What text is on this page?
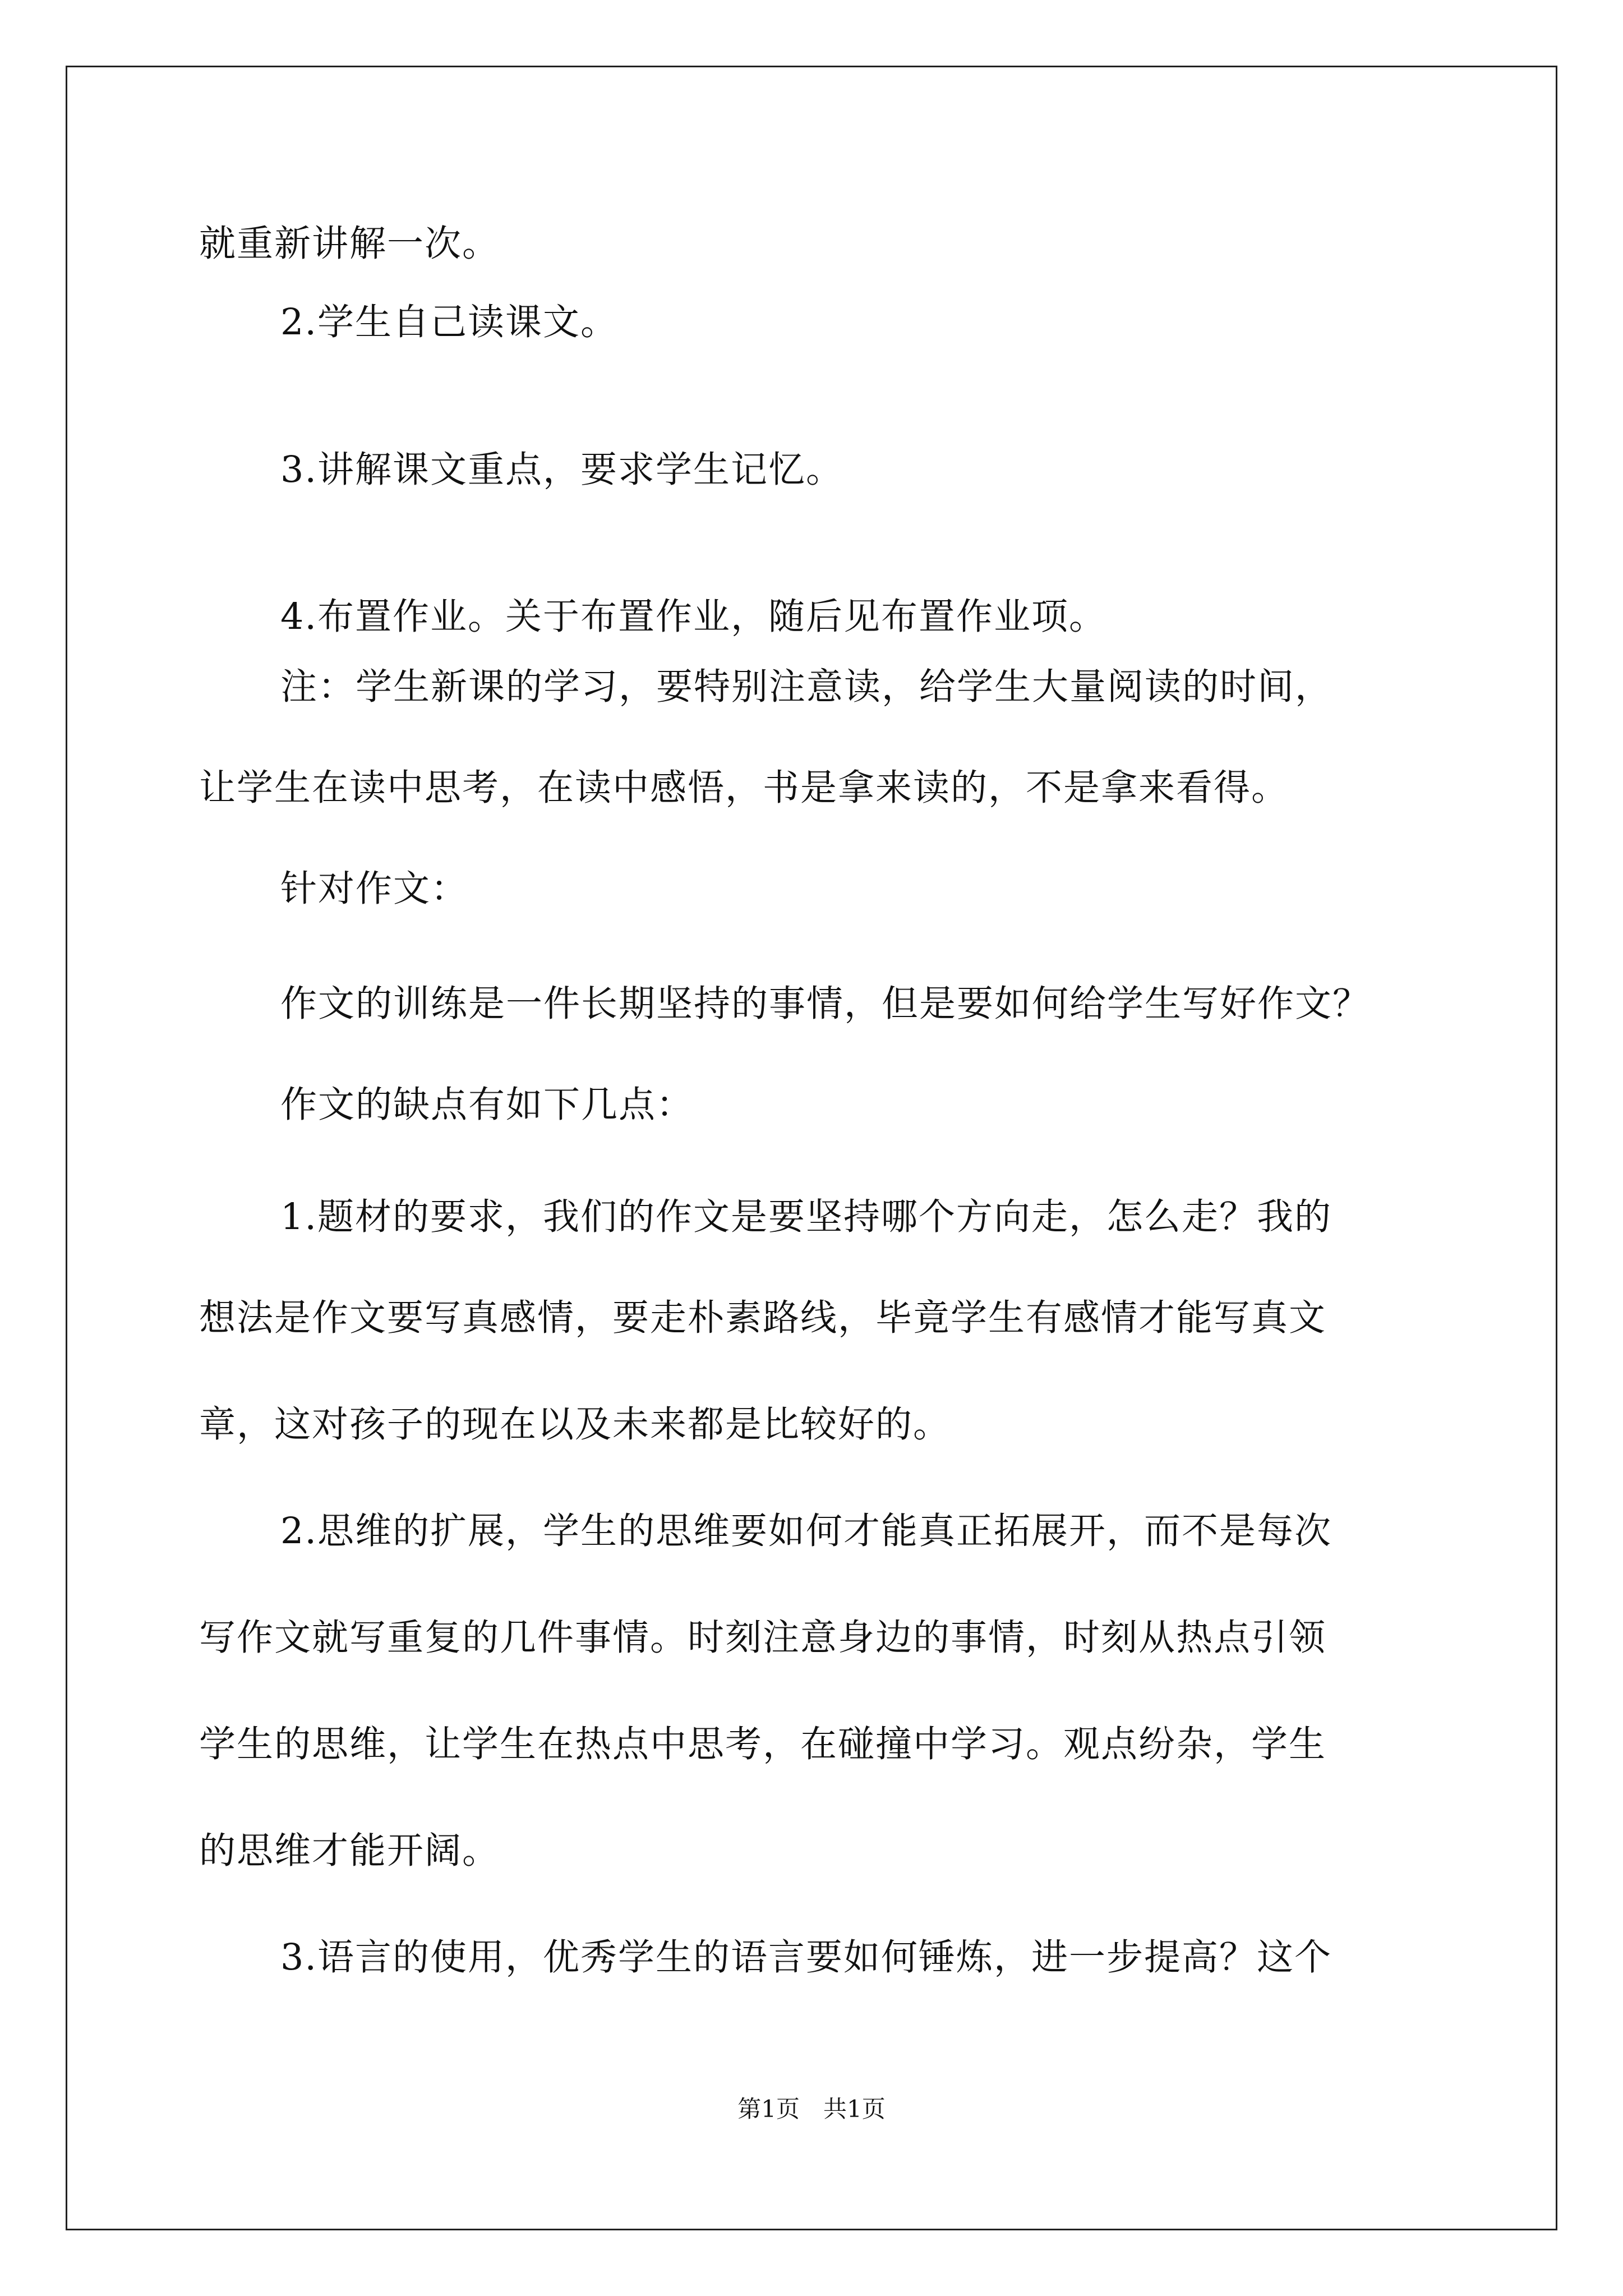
就重新讲解一次。
2.学生自己读课文。
3.讲解课文重点，要求学生记忆。
4.布置作业。关于布置作业，随后见布置作业项。
注：学生新课的学习，要特别注意读，给学生大量阅读的时间，
让学生在读中思考，在读中感悟，书是拿来读的，不是拿来看得。
针对作文：
作文的训练是一件长期坚持的事情，但是要如何给学生写好作文？
作文的缺点有如下几点：
1.题材的要求，我们的作文是要坚持哪个方向走，怎么走？我的
想法是作文要写真感情，要走朴素路线，毕竟学生有感情才能写真文
章，这对孩子的现在以及未来都是比较好的。
2.思维的扩展，学生的思维要如何才能真正拓展开，而不是每次
写作文就写重复的几件事情。时刻注意身边的事情，时刻从热点引领
学生的思维，让学生在热点中思考，在碰撞中学习。观点纷杂，学生
的思维才能开阔。
3.语言的使用，优秀学生的语言要如何锤炼，进一步提高？这个
第1页　共1页
